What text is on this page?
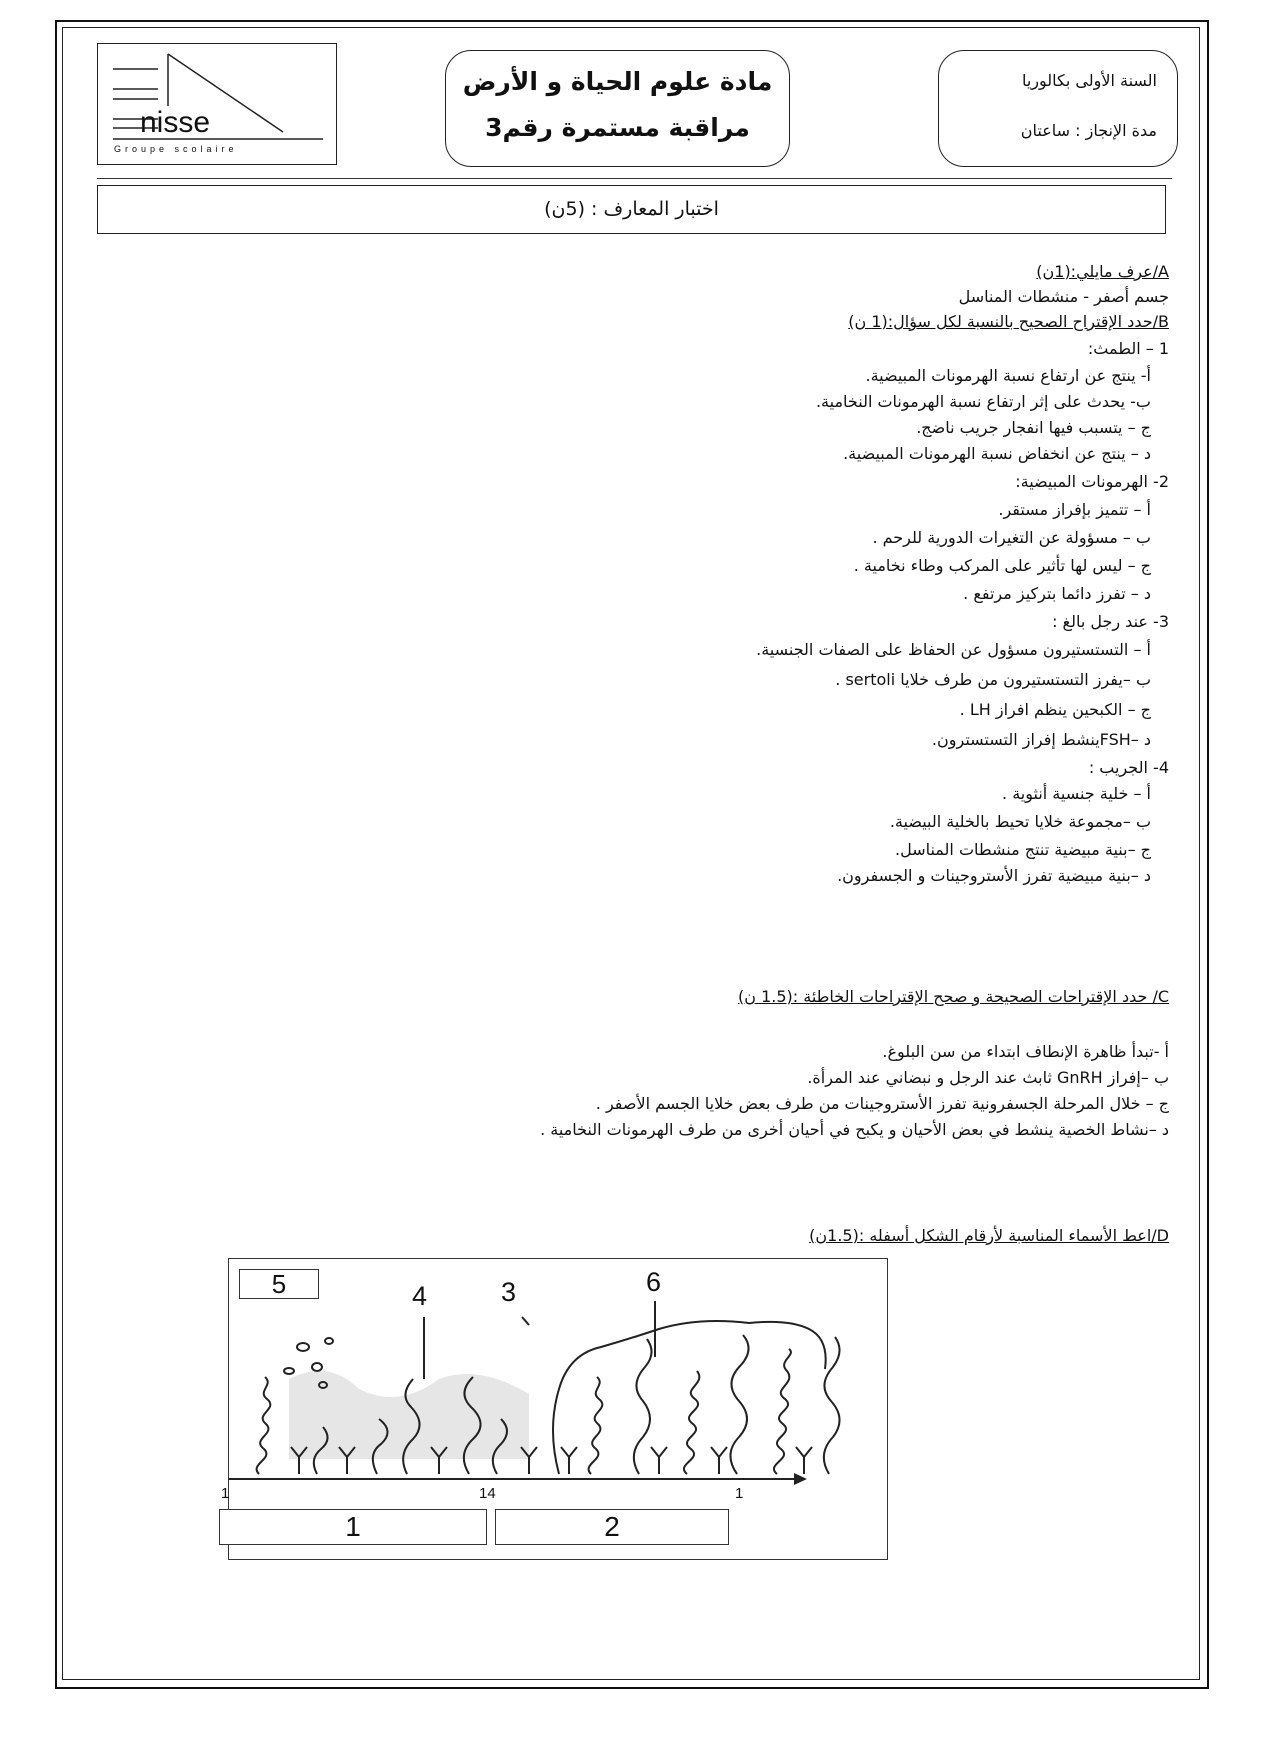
nisse
Groupe scolaire
مادة علوم الحياة و الأرض
مراقبة مستمرة رقم3
السنة الأولى بكالوريا
مدة الإنجاز : ساعتان
اختبار المعارف : (5ن)
A/عرف مايلي:(1ن)
جسم أصفر - منشطات المناسل
B/حدد الإقتراح الصحيح بالنسبة لكل سؤال:(1 ن)
1 – الطمث:
أ- ينتج عن ارتفاع نسبة الهرمونات المبيضية.
ب- يحدث على إثر ارتفاع نسبة الهرمونات النخامية.
ج – يتسبب فيها انفجار جريب ناضج.
د – ينتج عن انخفاض نسبة الهرمونات المبيضية.
2- الهرمونات المبيضية:
أ – تتميز بإفراز مستقر.
ب – مسؤولة عن التغيرات الدورية للرحم .
ج – ليس لها تأثير على المركب وطاء نخامية .
د – تفرز دائما بتركيز مرتفع .
3- عند رجل بالغ :
أ – التستستيرون مسؤول عن الحفاظ على الصفات الجنسية.
ب –يفرز التستستيرون من طرف خلايا sertoli .
ج – الكبحين ينظم افراز LH .
د –FSHينشط إفراز التستسترون.
4- الجريب :
أ – خلية جنسية أنثوية .
ب –مجموعة خلايا تحيط بالخلية البيضية.
ج –بنية مبيضية تنتج منشطات المناسل.
د –بنية مبيضية تفرز الأستروجينات و الجسفرون.
C/ حدد الإقتراحات الصحيحة و صحح الإقتراحات الخاطئة :(1.5 ن)
أ -تبدأ ظاهرة الإنطاف ابتداء من سن البلوغ.
ب –إفراز GnRH ثابث عند الرجل و نبضاني عند المرأة.
ج – خلال المرحلة الجسفرونية تفرز الأستروجينات من طرف بعض خلايا الجسم الأصفر .
د –نشاط الخصية ينشط في بعض الأحيان و يكبح في أحيان أخرى من طرف الهرمونات النخامية .
D/اعط الأسماء المناسبة لأرقام الشكل أسفله :(1.5ن)
5	4	3	6
1	14	1
1	2
